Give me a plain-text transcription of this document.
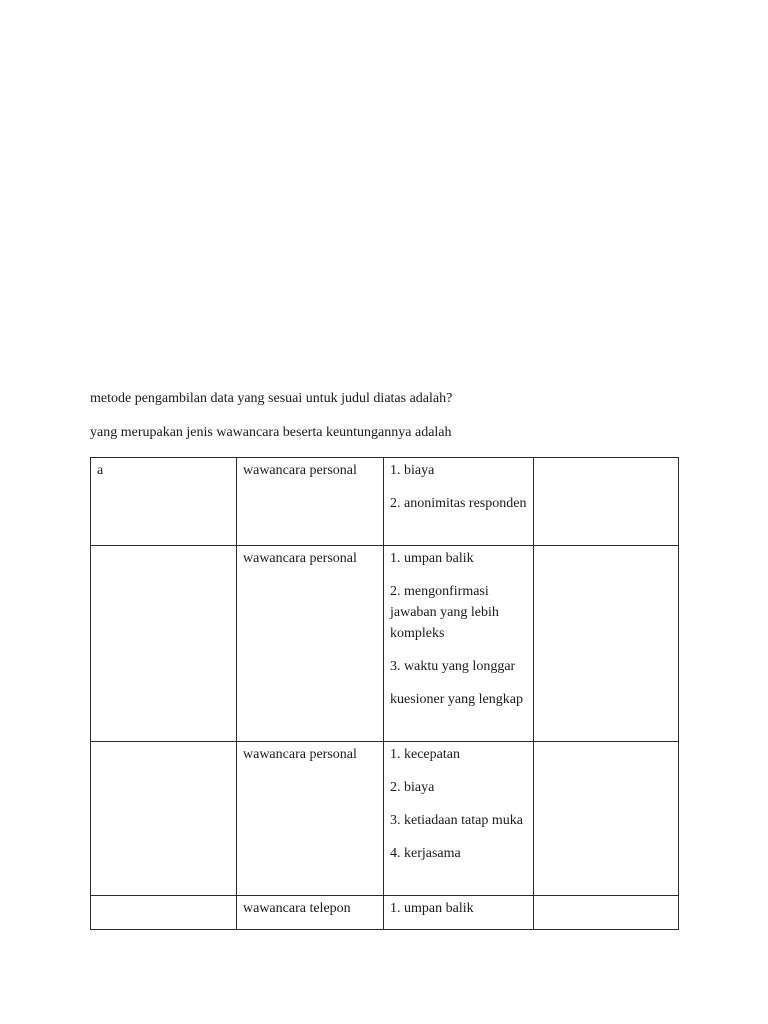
metode pengambilan data yang sesuai untuk judul diatas adalah?

yang merupakan jenis wawancara beserta keuntungannya adalah

a	wawancara personal	1. biaya
2. anonimitas responden	

	wawancara personal	1. umpan balik
2. mengonfirmasi jawaban yang lebih kompleks
3. waktu yang longgar
kuesioner yang lengkap	

	wawancara personal	1. kecepatan
2. biaya
3. ketiadaan tatap muka
4. kerjasama	

	wawancara telepon	1. umpan balik	
